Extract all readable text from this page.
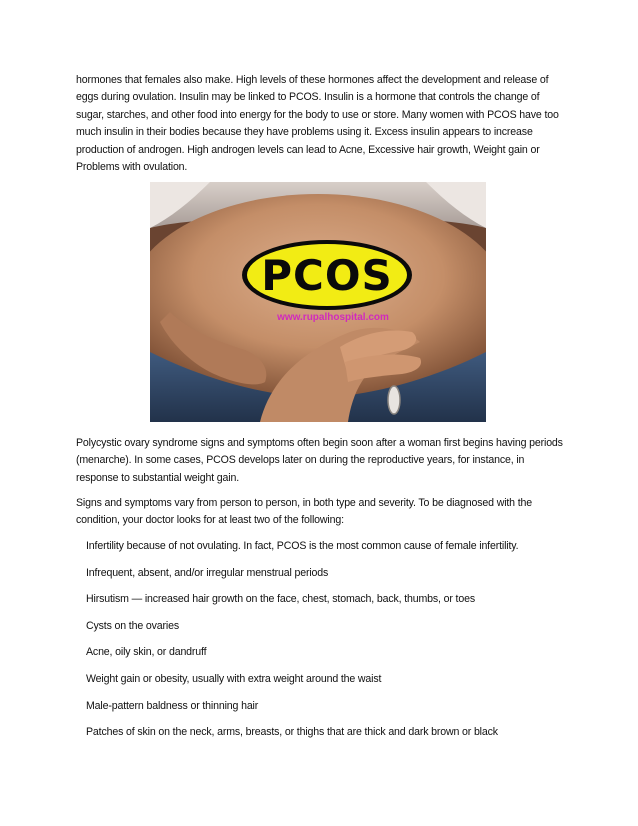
hormones that females also make. High levels of these hormones affect the development and release of eggs during ovulation. Insulin may be linked to PCOS. Insulin is a hormone that controls the change of sugar, starches, and other food into energy for the body to use or store. Many women with PCOS have too much insulin in their bodies because they have problems using it. Excess insulin appears to increase production of androgen. High androgen levels can lead to Acne, Excessive hair growth, Weight gain or Problems with ovulation.

PCOS
www.rupalhospital.com

Polycystic ovary syndrome signs and symptoms often begin soon after a woman first begins having periods (menarche). In some cases, PCOS develops later on during the reproductive years, for instance, in response to substantial weight gain.

Signs and symptoms vary from person to person, in both type and severity. To be diagnosed with the condition, your doctor looks for at least two of the following:

Infertility because of not ovulating. In fact, PCOS is the most common cause of female infertility.
Infrequent, absent, and/or irregular menstrual periods
Hirsutism — increased hair growth on the face, chest, stomach, back, thumbs, or toes
Cysts on the ovaries
Acne, oily skin, or dandruff
Weight gain or obesity, usually with extra weight around the waist
Male-pattern baldness or thinning hair
Patches of skin on the neck, arms, breasts, or thighs that are thick and dark brown or black
